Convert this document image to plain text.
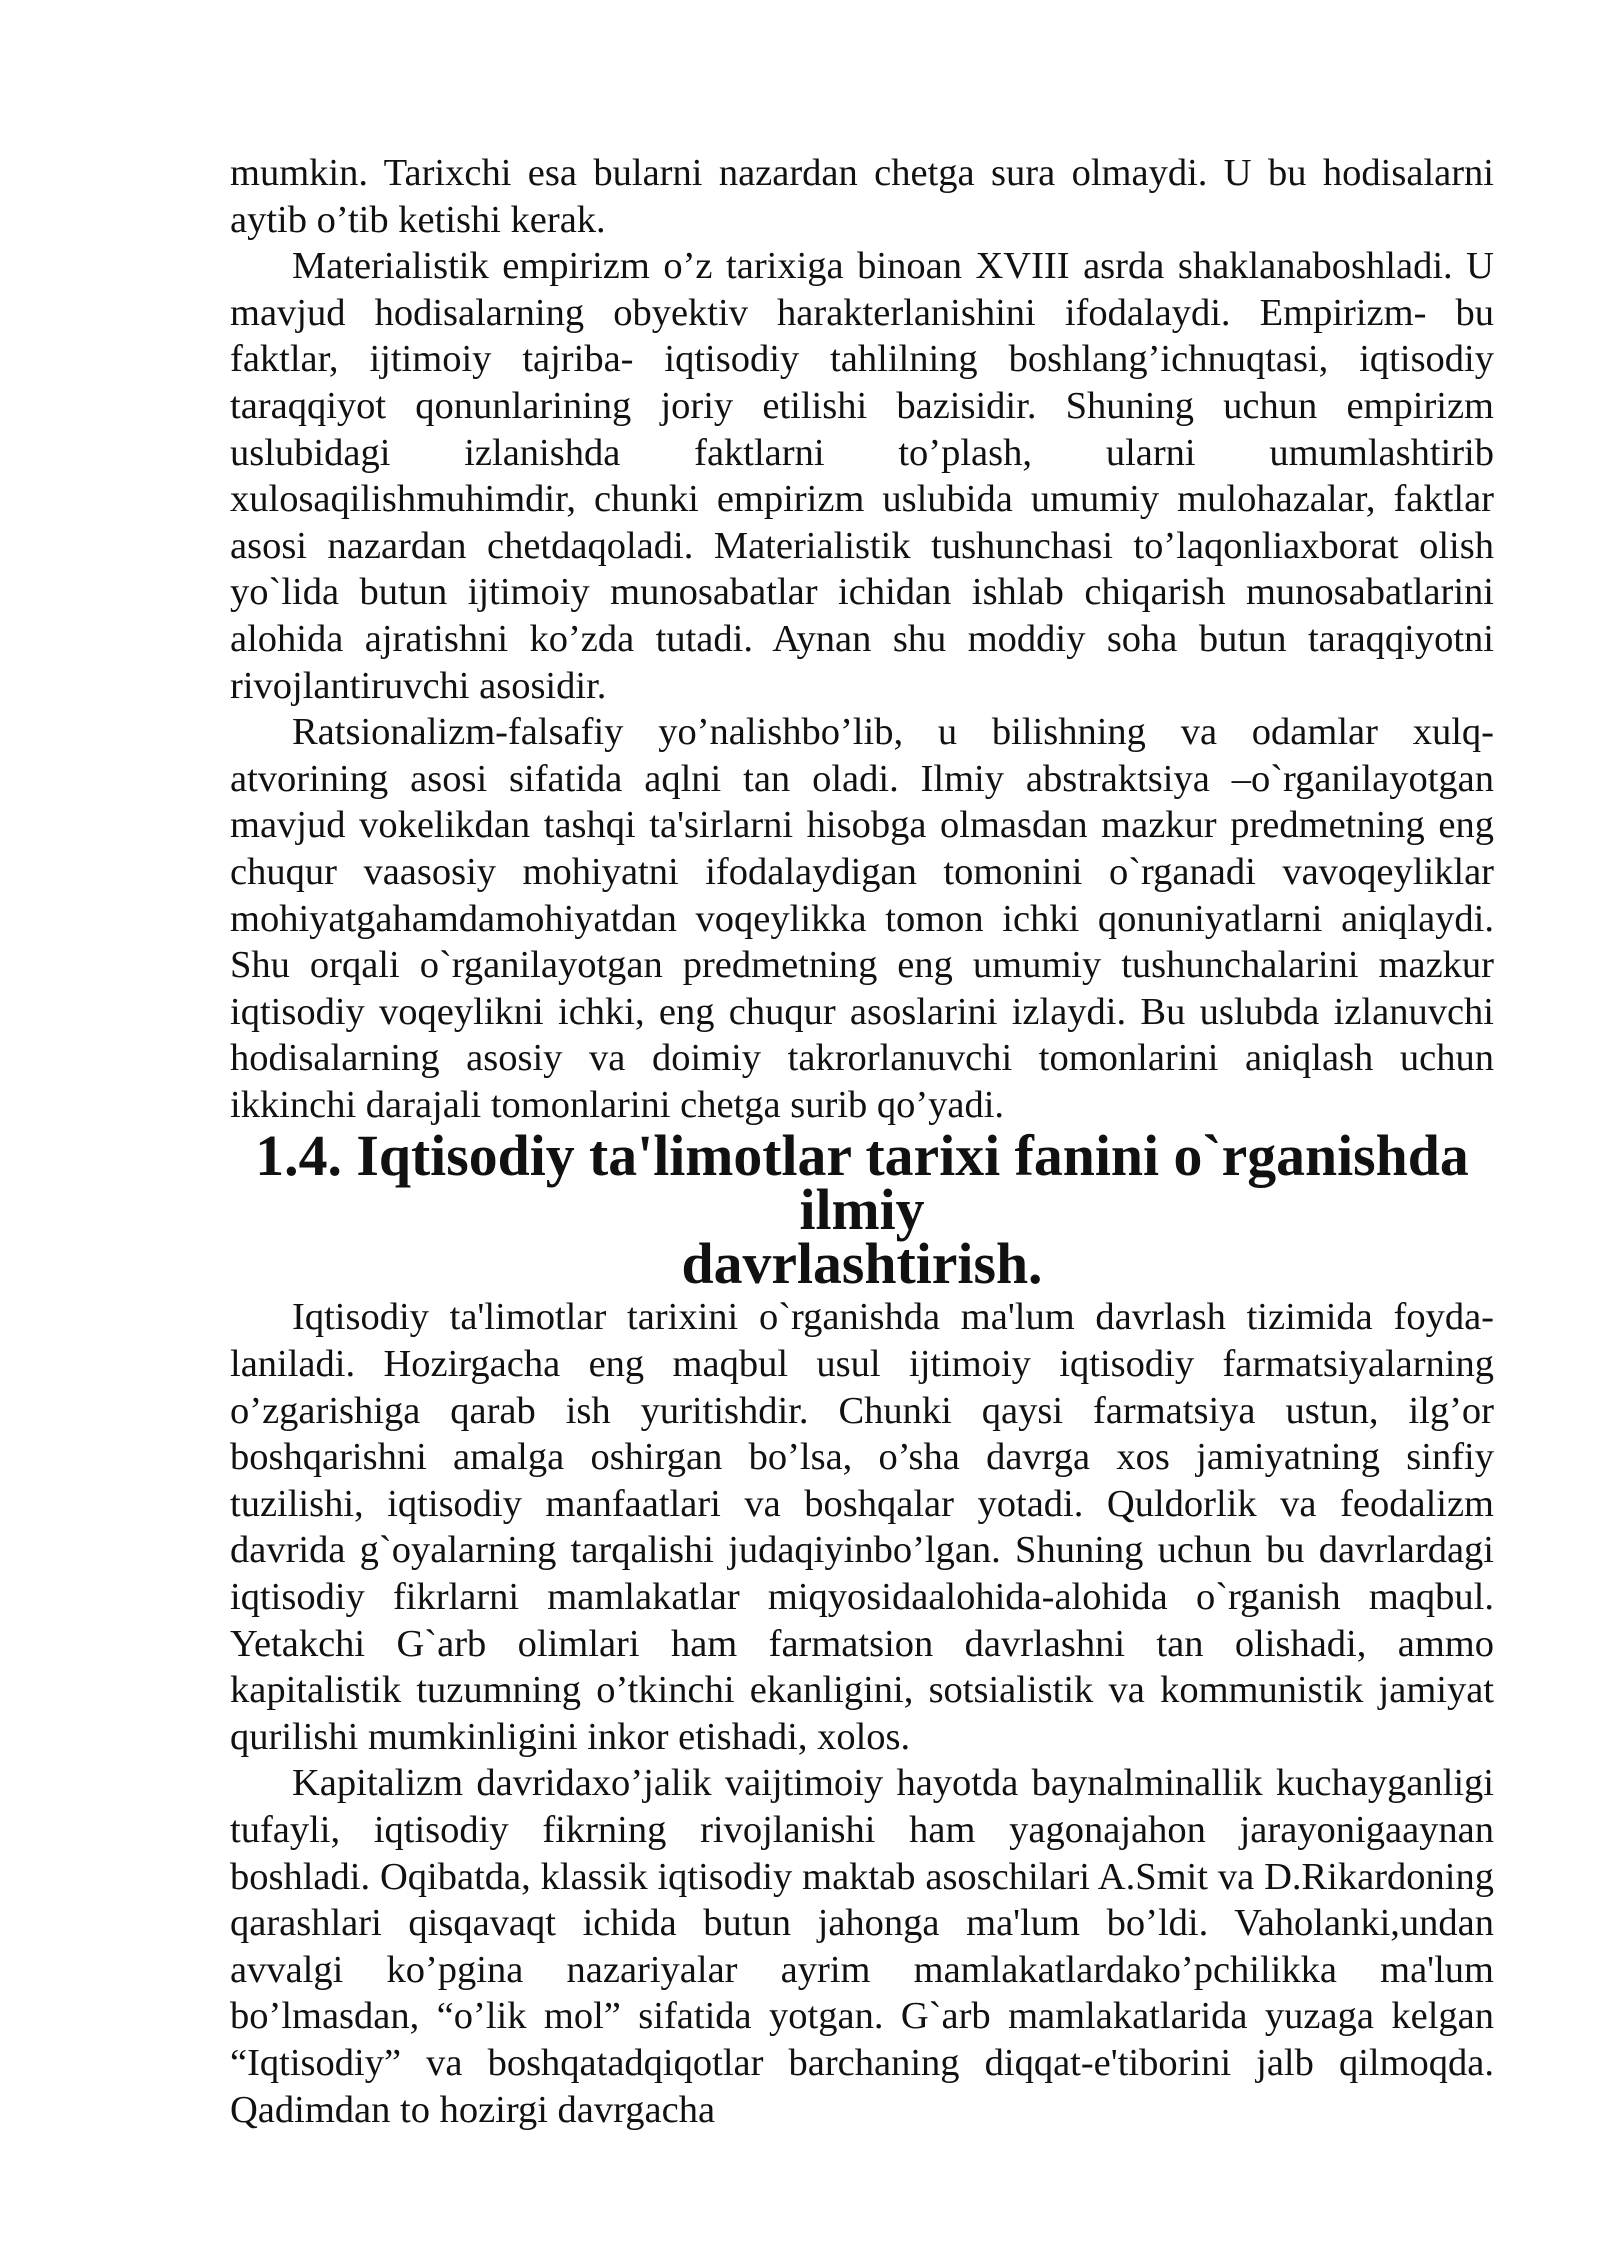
mumkin. Tarixchi esa bularni nazardan chetga sura olmaydi. U bu hodisalarni aytib o’tib ketishi kerak.

Materialistik empirizm o’z tarixiga binoan XVIII asrda shaklanaboshladi. U mavjud hodisalarning obyektiv harakterlanishini ifodalaydi. Empirizm- bu faktlar, ijtimoiy tajriba- iqtisodiy tahlilning boshlang’ichnuqtasi, iqtisodiy taraqqiyot qonunlarining joriy etilishi bazisidir. Shuning uchun empirizm uslubidagi izlanishda faktlarni to’plash, ularni umumlashtirib xulosaqilishmuhimdir, chunki empirizm uslubida umumiy mulohazalar, faktlar asosi nazardan chetdaqoladi. Materialistik tushunchasi to’laqonliaxborat olish yo`lida butun ijtimoiy munosabatlar ichidan ishlab chiqarish munosabatlarini alohida ajratishni ko’zda tutadi. Aynan shu moddiy soha butun taraqqiyotni rivojlantiruvchi asosidir.

Ratsionalizm-falsafiy yo’nalishbo’lib, u bilishning va odamlar xulq-atvorining asosi sifatida aqlni tan oladi. Ilmiy abstraktsiya –o`rganilayotgan mavjud vokelikdan tashqi ta'sirlarni hisobga olmasdan mazkur predmetning eng chuqur vaasosiy mohiyatni ifodalaydigan tomonini o`rganadi vavoqeyliklar mohiyatgahamdamohiyatdan voqeylikka tomon ichki qonuniyatlarni aniqlaydi. Shu orqali o`rganilayotgan predmetning eng umumiy tushunchalarini mazkur iqtisodiy voqeylikni ichki, eng chuqur asoslarini izlaydi. Bu uslubda izlanuvchi hodisalarning asosiy va doimiy takrorlanuvchi tomonlarini aniqlash uchun ikkinchi darajali tomonlarini chetga surib qo’yadi.

1.4. Iqtisodiy ta'limotlar tarixi fanini o`rganishda ilmiy
davrlashtirish.

Iqtisodiy ta'limotlar tarixini o`rganishda ma'lum davrlash tizimida foyda-laniladi. Hozirgacha eng maqbul usul ijtimoiy iqtisodiy farmatsiyalarning o’zgarishiga qarab ish yuritishdir. Chunki qaysi farmatsiya ustun, ilg’or boshqarishni amalga oshirgan bo’lsa, o’sha davrga xos jamiyatning sinfiy tuzilishi, iqtisodiy manfaatlari va boshqalar yotadi. Quldorlik va feodalizm davrida g`oyalarning tarqalishi judaqiyinbo’lgan. Shuning uchun bu davrlardagi iqtisodiy fikrlarni mamlakatlar miqyosidaalohida-alohida o`rganish maqbul. Yetakchi G`arb olimlari ham farmatsion davrlashni tan olishadi, ammo kapitalistik tuzumning o’tkinchi ekanligini, sotsialistik va kommunistik jamiyat qurilishi mumkinligini inkor etishadi, xolos.

Kapitalizm davridaxo’jalik vaijtimoiy hayotda baynalminallik kuchayganligi tufayli, iqtisodiy fikrning rivojlanishi ham yagonajahon jarayonigaaynan boshladi. Oqibatda, klassik iqtisodiy maktab asoschilari A.Smit va D.Rikardoning qarashlari qisqavaqt ichida butun jahonga ma'lum bo’ldi. Vaholanki,undan avvalgi ko’pgina nazariyalar ayrim mamlakatlardako’pchilikka ma'lum bo’lmasdan, “o’lik mol” sifatida yotgan. G`arb mamlakatlarida yuzaga kelgan “Iqtisodiy” va boshqatadqiqotlar barchaning diqqat-e'tiborini jalb qilmoqda. Qadimdan to hozirgi davrgacha
